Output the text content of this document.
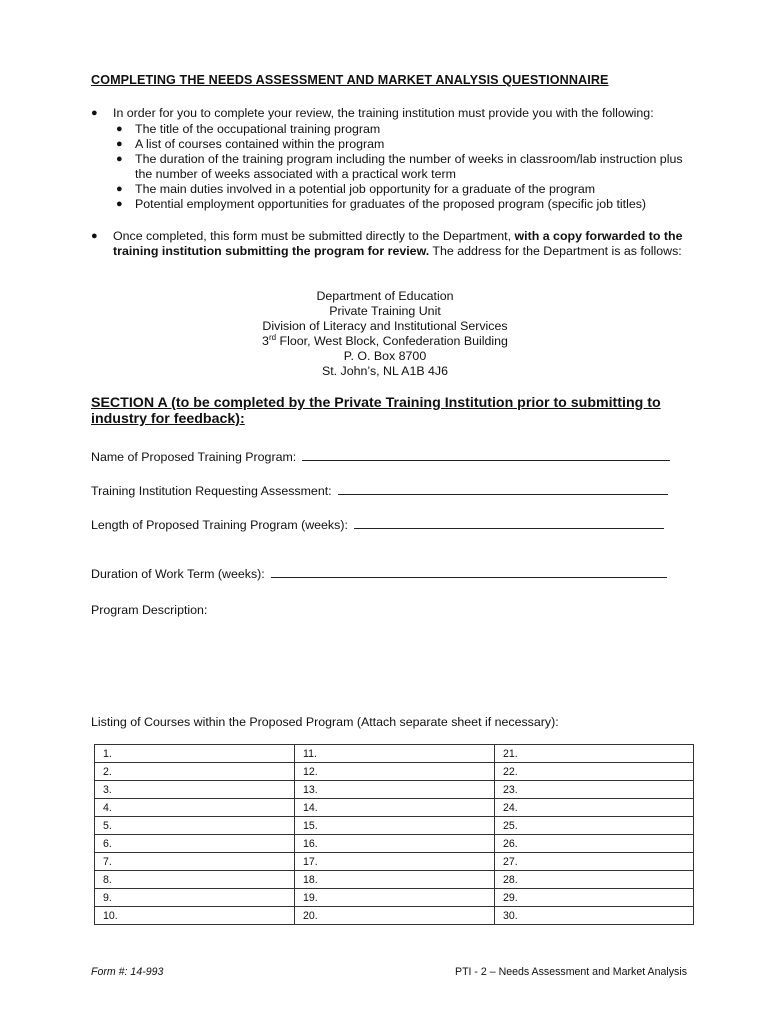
COMPLETING THE NEEDS ASSESSMENT AND MARKET ANALYSIS QUESTIONNAIRE
● In order for you to complete your review, the training institution must provide you with the following:
● The title of the occupational training program
● A list of courses contained within the program
● The duration of the training program including the number of weeks in classroom/lab instruction plus the number of weeks associated with a practical work term
● The main duties involved in a potential job opportunity for a graduate of the program
● Potential employment opportunities for graduates of the proposed program (specific job titles)
● Once completed, this form must be submitted directly to the Department, with a copy forwarded to the training institution submitting the program for review. The address for the Department is as follows:
Department of Education
Private Training Unit
Division of Literacy and Institutional Services
3rd Floor, West Block, Confederation Building
P. O. Box 8700
St. John’s, NL A1B 4J6
SECTION A (to be completed by the Private Training Institution prior to submitting to industry for feedback):
Name of Proposed Training Program:
Training Institution Requesting Assessment:
Length of Proposed Training Program (weeks):
Duration of Work Term (weeks):
Program Description:
Listing of Courses within the Proposed Program (Attach separate sheet if necessary):
1.	11.	21.
2.	12.	22.
3.	13.	23.
4.	14.	24.
5.	15.	25.
6.	16.	26.
7.	17.	27.
8.	18.	28.
9.	19.	29.
10.	20.	30.
Form #: 14-993	PTI - 2 – Needs Assessment and Market Analysis
